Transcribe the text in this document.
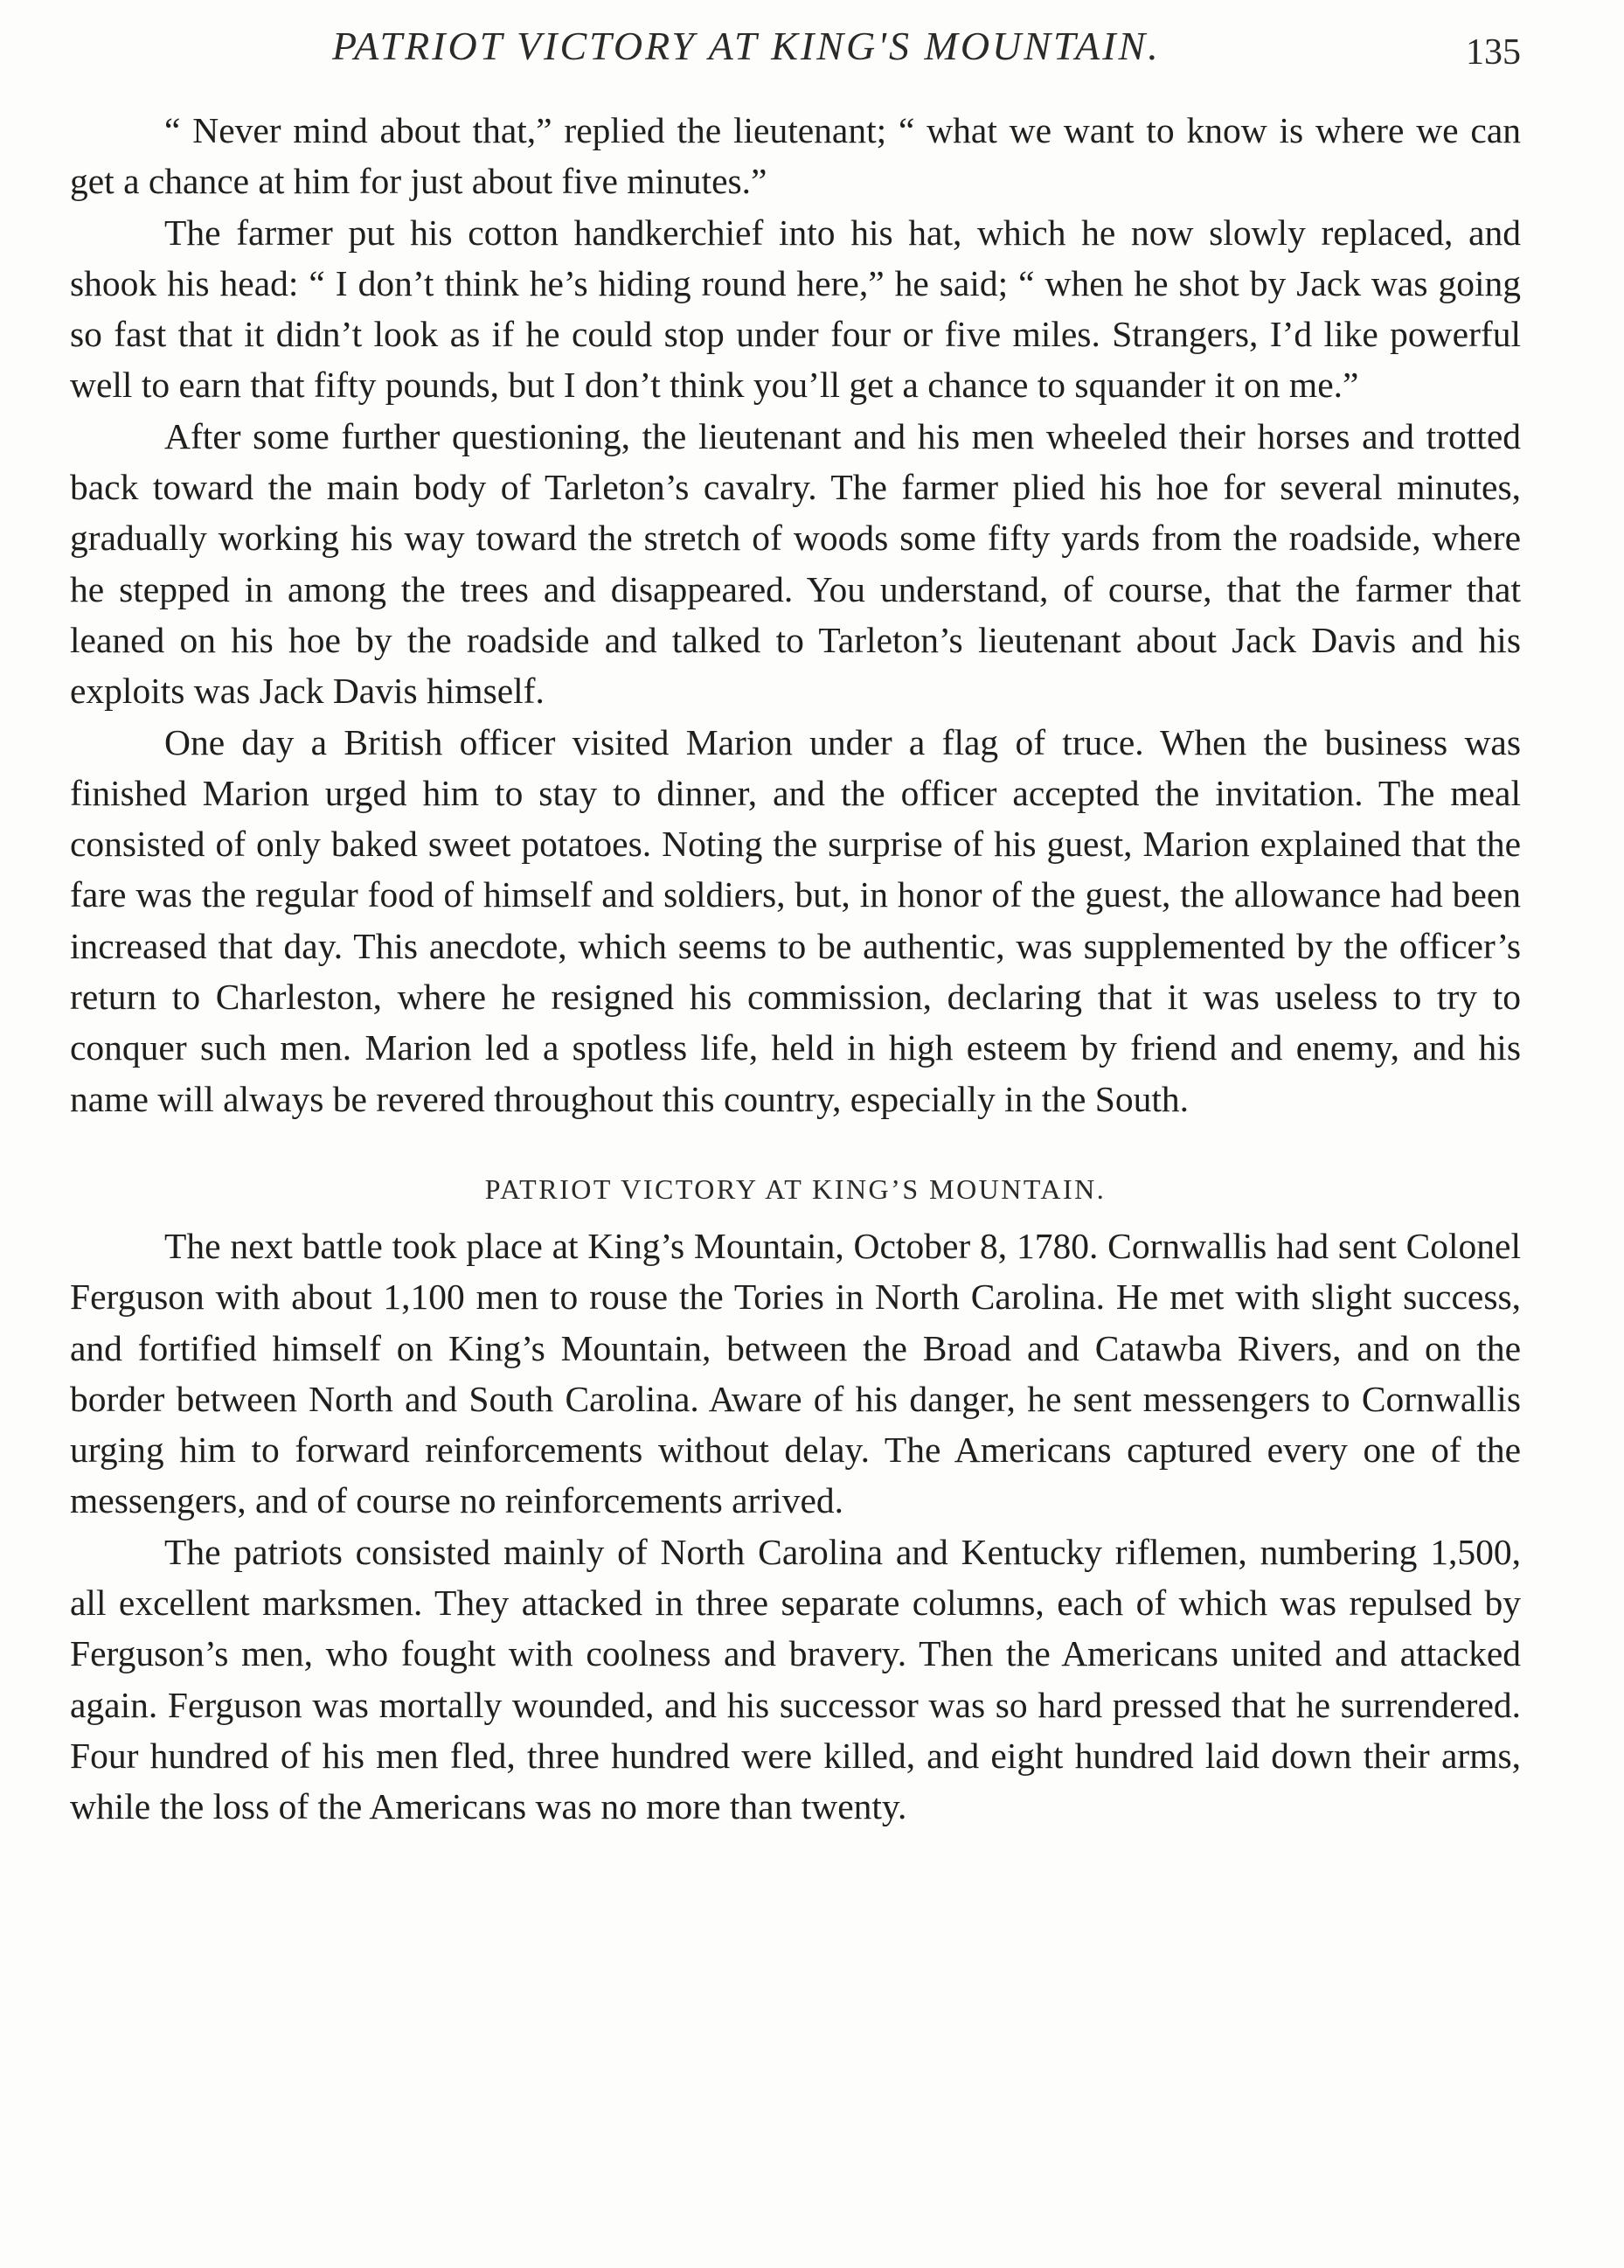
PATRIOT VICTORY AT KING'S MOUNTAIN.	135

“ Never mind about that,” replied the lieutenant; “ what we want to know is where we can get a chance at him for just about five minutes.”

The farmer put his cotton handkerchief into his hat, which he now slowly replaced, and shook his head: “ I don’t think he’s hiding round here,” he said; “ when he shot by Jack was going so fast that it didn’t look as if he could stop under four or five miles. Strangers, I’d like powerful well to earn that fifty pounds, but I don’t think you’ll get a chance to squander it on me.”

After some further questioning, the lieutenant and his men wheeled their horses and trotted back toward the main body of Tarleton’s cavalry. The farmer plied his hoe for several minutes, gradually working his way toward the stretch of woods some fifty yards from the roadside, where he stepped in among the trees and disappeared. You understand, of course, that the farmer that leaned on his hoe by the roadside and talked to Tarleton’s lieutenant about Jack Davis and his exploits was Jack Davis himself.

One day a British officer visited Marion under a flag of truce. When the business was finished Marion urged him to stay to dinner, and the officer accepted the invitation. The meal consisted of only baked sweet potatoes. Noting the surprise of his guest, Marion explained that the fare was the regular food of himself and soldiers, but, in honor of the guest, the allowance had been increased that day. This anecdote, which seems to be authentic, was supplemented by the officer’s return to Charleston, where he resigned his commission, declaring that it was useless to try to conquer such men. Marion led a spotless life, held in high esteem by friend and enemy, and his name will always be revered throughout this country, especially in the South.

PATRIOT VICTORY AT KING’S MOUNTAIN.

The next battle took place at King’s Mountain, October 8, 1780. Cornwallis had sent Colonel Ferguson with about 1,100 men to rouse the Tories in North Carolina. He met with slight success, and fortified himself on King’s Mountain, between the Broad and Catawba Rivers, and on the border between North and South Carolina. Aware of his danger, he sent messengers to Cornwallis urging him to forward reinforcements without delay. The Americans captured every one of the messengers, and of course no reinforcements arrived.

The patriots consisted mainly of North Carolina and Kentucky riflemen, numbering 1,500, all excellent marksmen. They attacked in three separate columns, each of which was repulsed by Ferguson’s men, who fought with coolness and bravery. Then the Americans united and attacked again. Ferguson was mortally wounded, and his successor was so hard pressed that he surrendered. Four hundred of his men fled, three hundred were killed, and eight hundred laid down their arms, while the loss of the Americans was no more than twenty.
